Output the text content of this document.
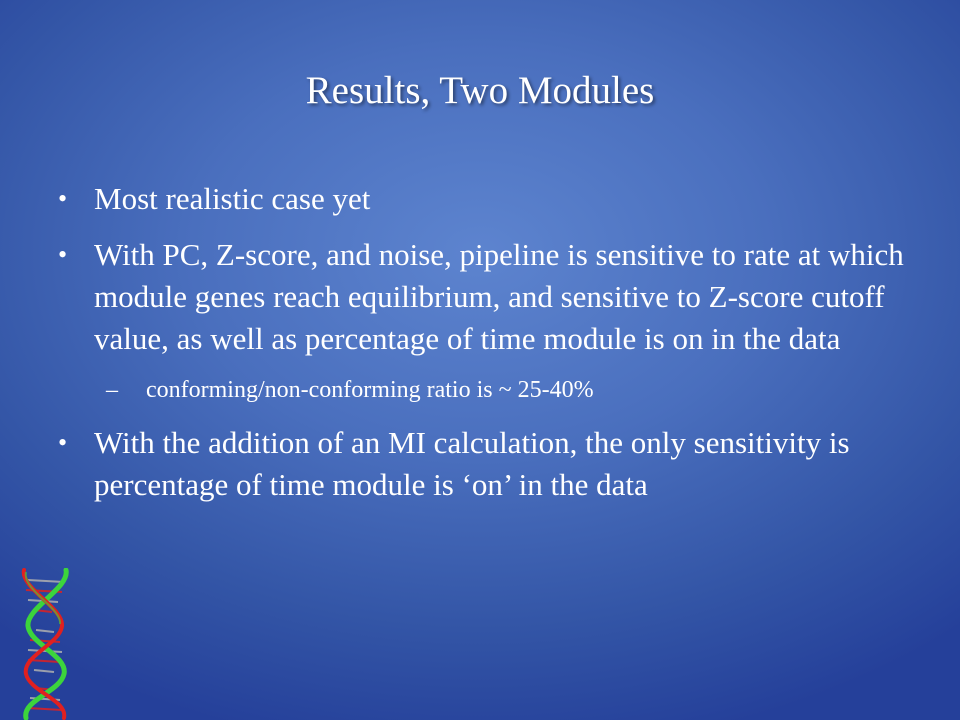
Results, Two Modules
• Most realistic case yet
• With PC, Z-score, and noise, pipeline is sensitive to rate at which module genes reach equilibrium, and sensitive to Z-score cutoff value, as well as percentage of time module is on in the data
– conforming/non-conforming ratio is ~ 25-40%
• With the addition of an MI calculation, the only sensitivity is percentage of time module is ‘on’ in the data
